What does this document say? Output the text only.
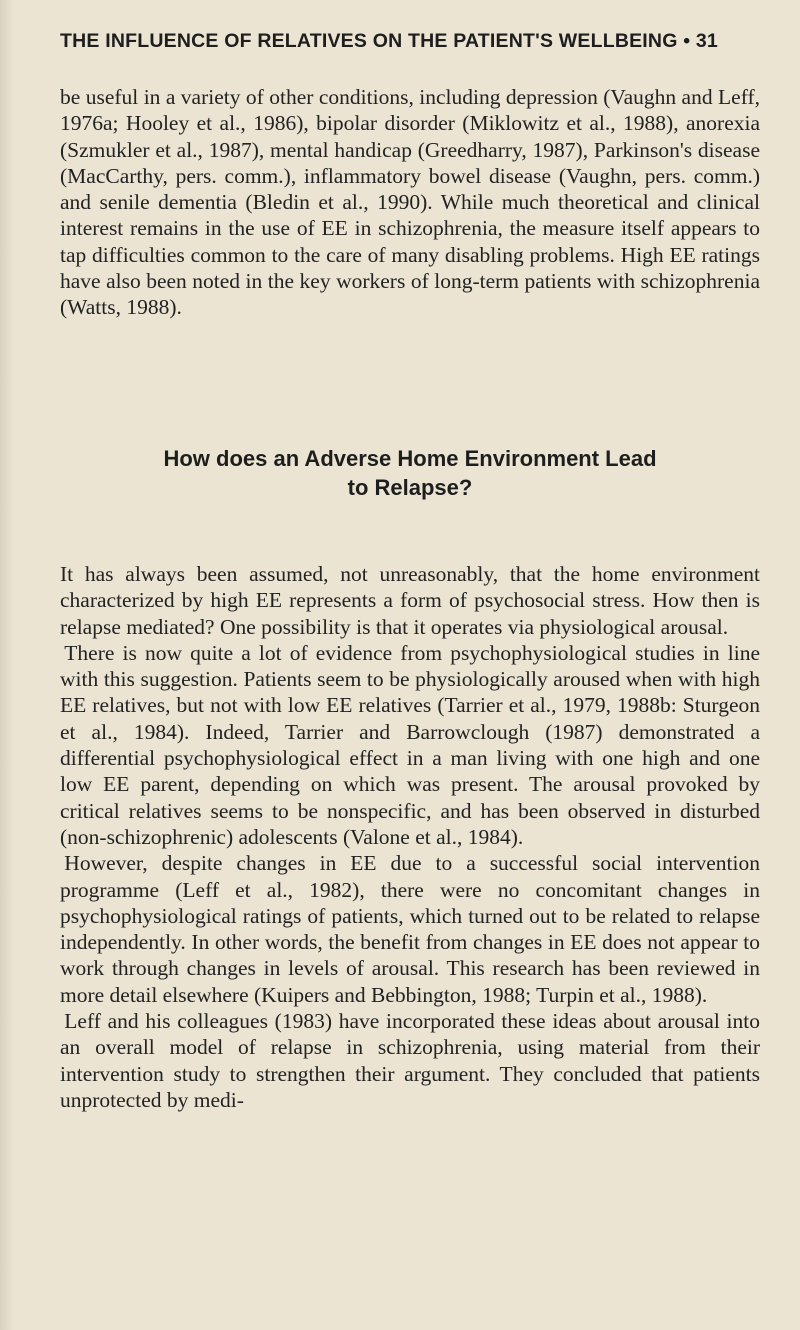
THE INFLUENCE OF RELATIVES ON THE PATIENT'S WELLBEING • 31

be useful in a variety of other conditions, including depression (Vaughn and Leff, 1976a; Hooley et al., 1986), bipolar disorder (Miklowitz et al., 1988), anorexia (Szmukler et al., 1987), mental handicap (Greedharry, 1987), Parkinson's disease (MacCarthy, pers. comm.), inflammatory bowel disease (Vaughn, pers. comm.) and senile dementia (Bledin et al., 1990). While much theoretical and clinical interest remains in the use of EE in schizophrenia, the measure itself appears to tap difficulties common to the care of many disabling problems. High EE ratings have also been noted in the key workers of long-term patients with schizophrenia (Watts, 1988).

How does an Adverse Home Environment Lead
to Relapse?

It has always been assumed, not unreasonably, that the home environment characterized by high EE represents a form of psychosocial stress. How then is relapse mediated? One possibility is that it operates via physiological arousal.

There is now quite a lot of evidence from psychophysiological studies in line with this suggestion. Patients seem to be physiologically aroused when with high EE relatives, but not with low EE relatives (Tarrier et al., 1979, 1988b: Sturgeon et al., 1984). Indeed, Tarrier and Barrowclough (1987) demonstrated a differential psychophysiological effect in a man living with one high and one low EE parent, depending on which was present. The arousal provoked by critical relatives seems to be nonspecific, and has been observed in disturbed (non-schizophrenic) adolescents (Valone et al., 1984).

However, despite changes in EE due to a successful social intervention programme (Leff et al., 1982), there were no concomitant changes in psychophysiological ratings of patients, which turned out to be related to relapse independently. In other words, the benefit from changes in EE does not appear to work through changes in levels of arousal. This research has been reviewed in more detail elsewhere (Kuipers and Bebbington, 1988; Turpin et al., 1988).

Leff and his colleagues (1983) have incorporated these ideas about arousal into an overall model of relapse in schizophrenia, using material from their intervention study to strengthen their argument. They concluded that patients unprotected by medi-
